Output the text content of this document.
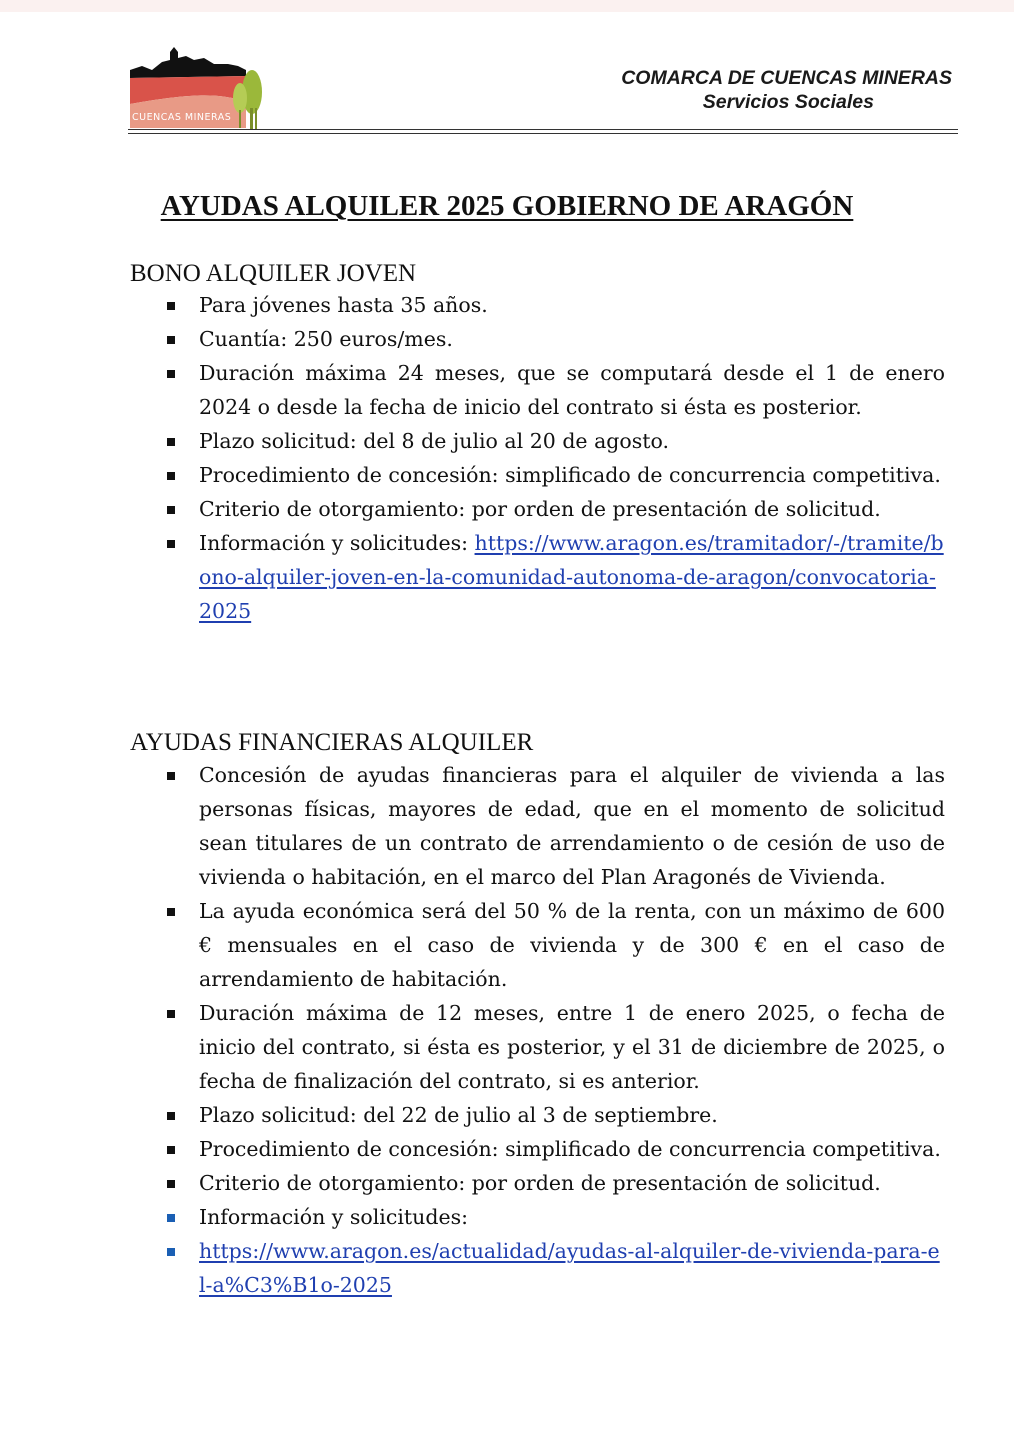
CUENCAS MINERAS
COMARCA DE CUENCAS MINERAS
Servicios Sociales
AYUDAS ALQUILER 2025 GOBIERNO DE ARAGÓN
BONO ALQUILER JOVEN
Para jóvenes hasta 35 años.
Cuantía: 250 euros/mes.
Duración máxima 24 meses, que se computará desde el 1 de enero 2024 o desde la fecha de inicio del contrato si ésta es posterior.
Plazo solicitud: del 8 de julio al 20 de agosto.
Procedimiento de concesión: simplificado de concurrencia competitiva.
Criterio de otorgamiento: por orden de presentación de solicitud.
Información y solicitudes: https://www.aragon.es/tramitador/-/tramite/bono-alquiler-joven-en-la-comunidad-autonoma-de-aragon/convocatoria-2025
AYUDAS FINANCIERAS ALQUILER
Concesión de ayudas financieras para el alquiler de vivienda a las personas físicas, mayores de edad, que en el momento de solicitud sean titulares de un contrato de arrendamiento o de cesión de uso de vivienda o habitación, en el marco del Plan Aragonés de Vivienda.
La ayuda económica será del 50 % de la renta, con un máximo de 600 € mensuales en el caso de vivienda y de 300 € en el caso de arrendamiento de habitación.
Duración máxima de 12 meses, entre 1 de enero 2025, o fecha de inicio del contrato, si ésta es posterior, y el 31 de diciembre de 2025, o fecha de finalización del contrato, si es anterior.
Plazo solicitud: del 22 de julio al 3 de septiembre.
Procedimiento de concesión: simplificado de concurrencia competitiva.
Criterio de otorgamiento: por orden de presentación de solicitud.
Información y solicitudes:
https://www.aragon.es/actualidad/ayudas-al-alquiler-de-vivienda-para-el-a%C3%B1o-2025
